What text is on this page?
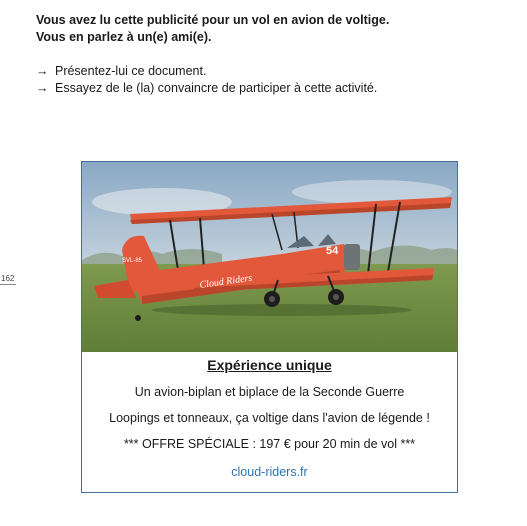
Vous avez lu cette publicité pour un vol en avion de voltige.

Vous en parlez à un(e) ami(e).

→ Présentez-lui ce document.

→ Essayez de le (la) convaincre de participer à cette activité.

162
SVL-85
Cloud Riders
54

Expérience unique

Un avion-biplan et biplace de la Seconde Guerre

Loopings et tonneaux, ça voltige dans l'avion de légende !

*** OFFRE SPÉCIALE : 197 € pour 20 min de vol ***

cloud-riders.fr
